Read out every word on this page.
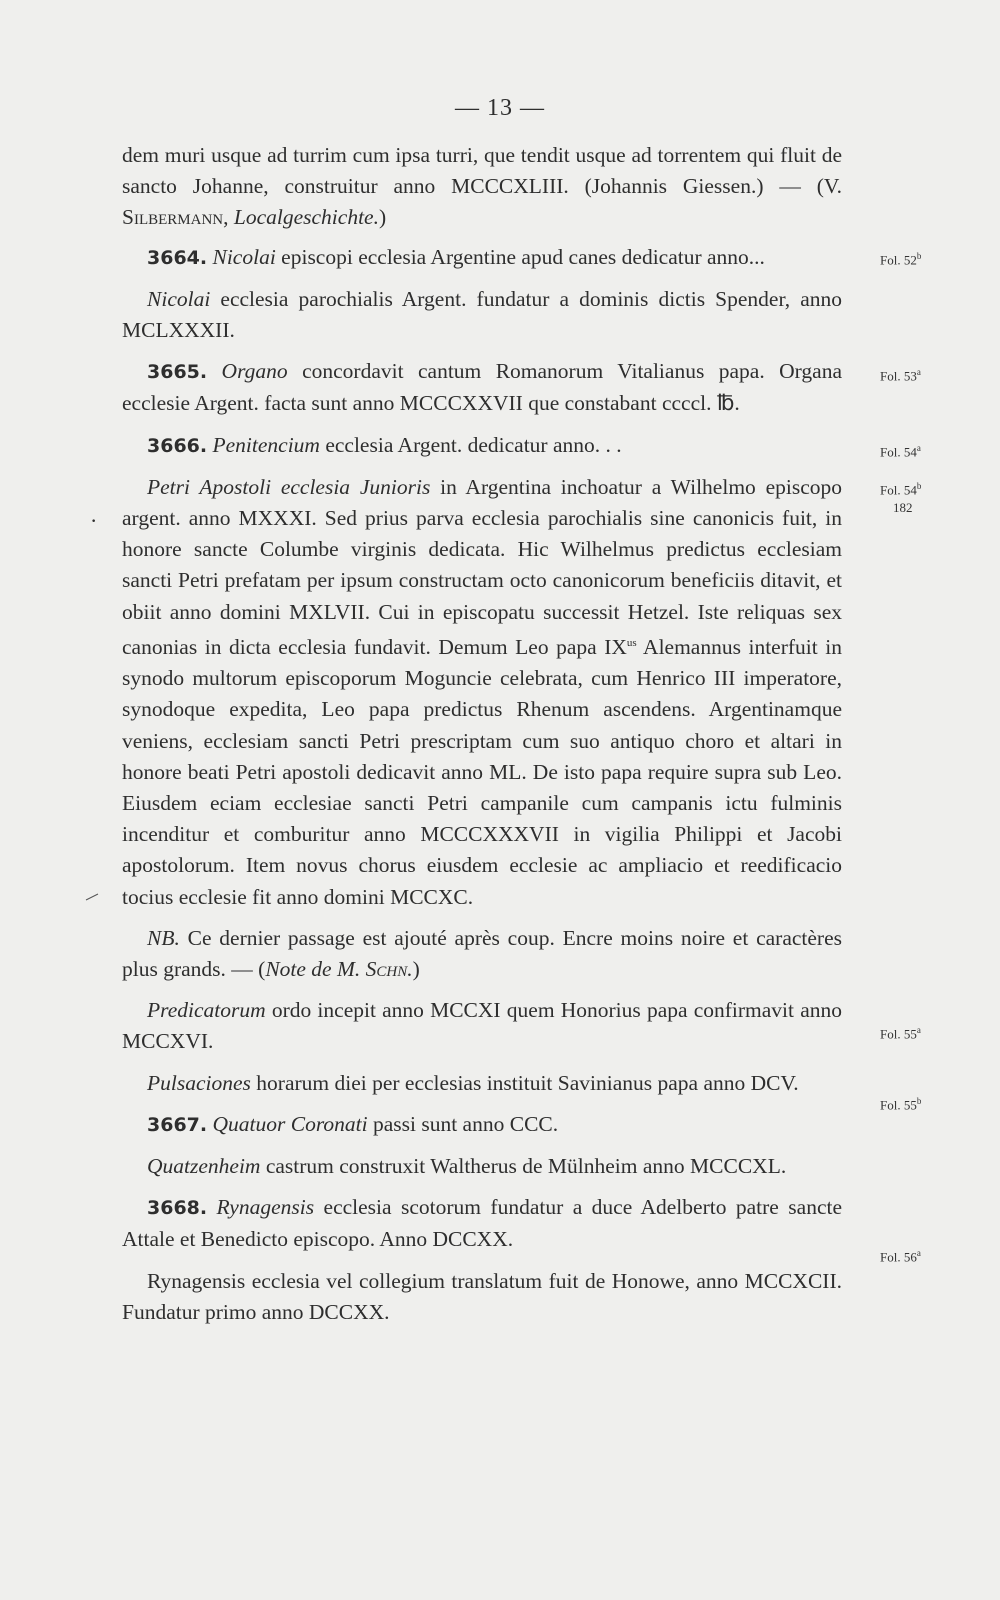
— 13 —

dem muri usque ad turrim cum ipsa turri, que tendit usque ad torrentem qui fluit de sancto Johanne, construitur anno MCCCXLIII. (Johannis Giessen.) — (V. Silbermann, Localgeschichte.)

3664. Nicolai episcopi ecclesia Argentine apud canes dedicatur anno...

Nicolai ecclesia parochialis Argent. fundatur a dominis dictis Spender, anno MCLXXXII.

3665. Organo concordavit cantum Romanorum Vitalianus papa. Organa ecclesie Argent. facta sunt anno MCCCXXVII que constabant ccccl. ℔.

3666. Penitencium ecclesia Argent. dedicatur anno. . .

Petri Apostoli ecclesia Junioris in Argentina inchoatur a Wilhelmo episcopo argent. anno MXXXI. Sed prius parva ecclesia parochialis sine canonicis fuit, in honore sancte Columbe virginis dedicata. Hic Wilhelmus predictus ecclesiam sancti Petri prefatam per ipsum constructam octo canonicorum beneficiis ditavit, et obiit anno domini MXLVII. Cui in episcopatu successit Hetzel. Iste reliquas sex canonias in dicta ecclesia fundavit. Demum Leo papa $IX^{us}$ Alemannus interfuit in synodo multorum episcoporum Moguncie celebrata, cum Henrico III imperatore, synodoque expedita, Leo papa predictus Rhenum ascendens. Argentinamque veniens, ecclesiam sancti Petri prescriptam cum suo antiquo choro et altari in honore beati Petri apostoli dedicavit anno ML. De isto papa require supra sub Leo. Eiusdem eciam ecclesiae sancti Petri campanile cum campanis ictu fulminis incenditur et comburitur anno MCCCXXXVII in vigilia Philippi et Jacobi apostolorum. Item novus chorus eiusdem ecclesie ac ampliacio et reedificacio tocius ecclesie fit anno domini MCCXC.

NB. Ce dernier passage est ajouté après coup. Encre moins noire et caractères plus grands. — (Note de M. Schn.)

Predicatorum ordo incepit anno MCCXI quem Honorius papa confirmavit anno MCCXVI.

Pulsaciones horarum diei per ecclesias instituit Savinianus papa anno DCV.

3667. Quatuor Coronati passi sunt anno CCC.

Quatzenheim castrum construxit Waltherus de Mülnheim anno MCCCXL.

3668. Rynagensis ecclesia scotorum fundatur a duce Adelberto patre sancte Attale et Benedicto episcopo. Anno DCCXX.

Rynagensis ecclesia vel collegium translatum fuit de Honowe, anno MCCXCII. Fundatur primo anno DCCXX.

Fol. 52$^b$
Fol. 53$^a$
Fol. 54$^a$
Fol. 54$^b$
182
Fol. 55$^a$
Fol. 55$^b$
Fol. $56^a$
·
